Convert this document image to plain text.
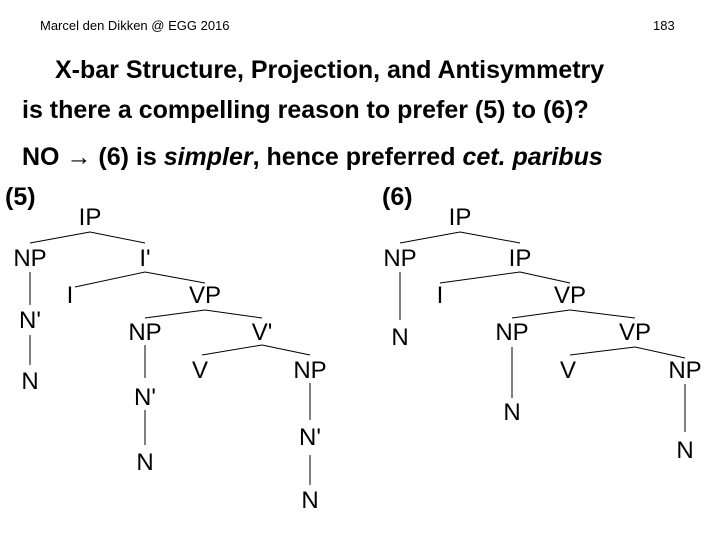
Marcel den Dikken @ EGG 2016	183
X-bar Structure, Projection, and Antisymmetry
is there a compelling reason to prefer (5) to (6)?
NO → (6) is simpler, hence preferred cet. paribus
(5)	(6)
IP
NP	I'
N'
N
I	VP
NP	V'
V	NP
N'
N
N'
N
IP
NP	IP
N
I	VP
NP	VP
N
V	NP
N
